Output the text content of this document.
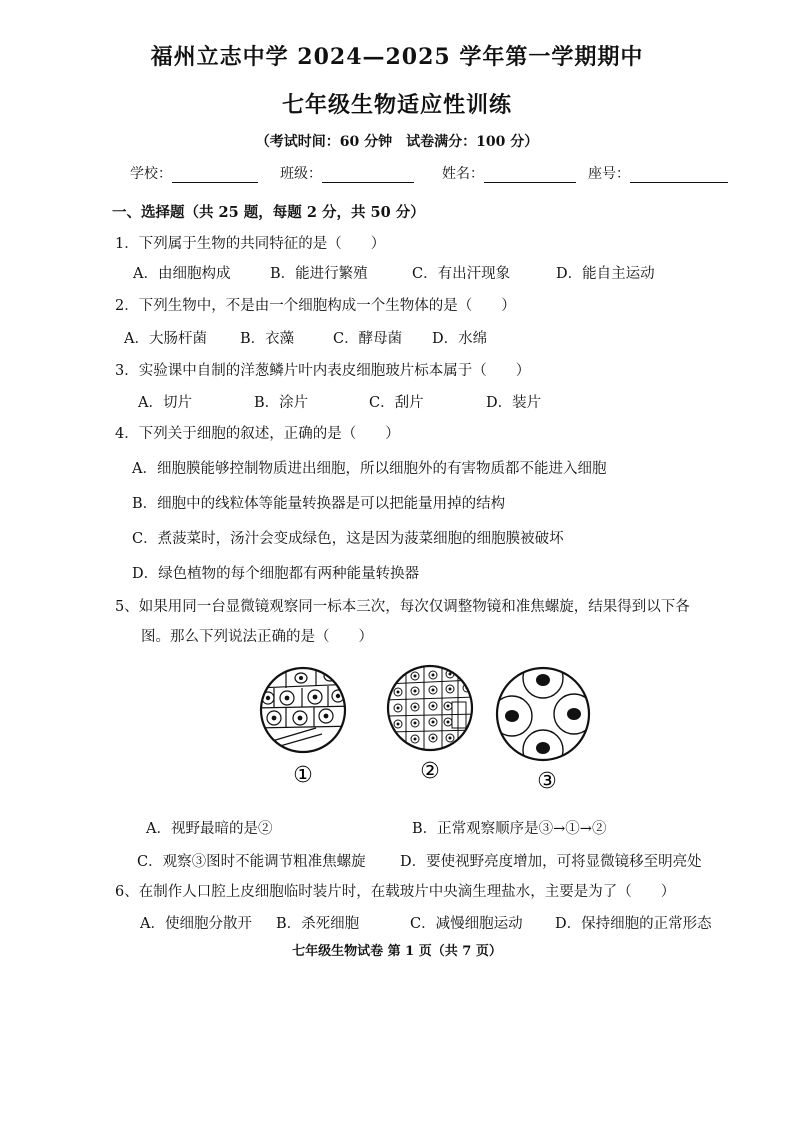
福州立志中学 2024—2025 学年第一学期期中
七年级生物适应性训练
（考试时间：60 分钟　试卷满分：100 分）
学校：	班级：	姓名：	座号：
一、选择题（共 25 题，每题 2 分，共 50 分）
1．下列属于生物的共同特征的是（　　）
A．由细胞构成	B．能进行繁殖	C．有出汗现象	D．能自主运动
2．下列生物中，不是由一个细胞构成一个生物体的是（　　）
A．大肠杆菌 B．衣藻	C．酵母菌 D．水绵
3．实验课中自制的洋葱鳞片叶内表皮细胞玻片标本属于（　　）
A．切片	B．涂片	C．刮片	D．装片
4．下列关于细胞的叙述，正确的是（　　）
A．细胞膜能够控制物质进出细胞，所以细胞外的有害物质都不能进入细胞
B．细胞中的线粒体等能量转换器是可以把能量用掉的结构
C．煮菠菜时，汤汁会变成绿色，这是因为菠菜细胞的细胞膜被破坏
D．绿色植物的每个细胞都有两种能量转换器
5、如果用同一台显微镜观察同一标本三次，每次仅调整物镜和准焦螺旋，结果得到以下各
图。那么下列说法正确的是（　　）
①	②	③
A．视野最暗的是②	B．正常观察顺序是③→①→②
C．观察③图时不能调节粗准焦螺旋 D．要使视野亮度增加，可将显微镜移至明亮处
6、在制作人口腔上皮细胞临时装片时，在载玻片中央滴生理盐水，主要是为了（　　）
A．使细胞分散开 B．杀死细胞	C．减慢细胞运动 D．保持细胞的正常形态
七年级生物试卷 第 1 页（共 7 页）
